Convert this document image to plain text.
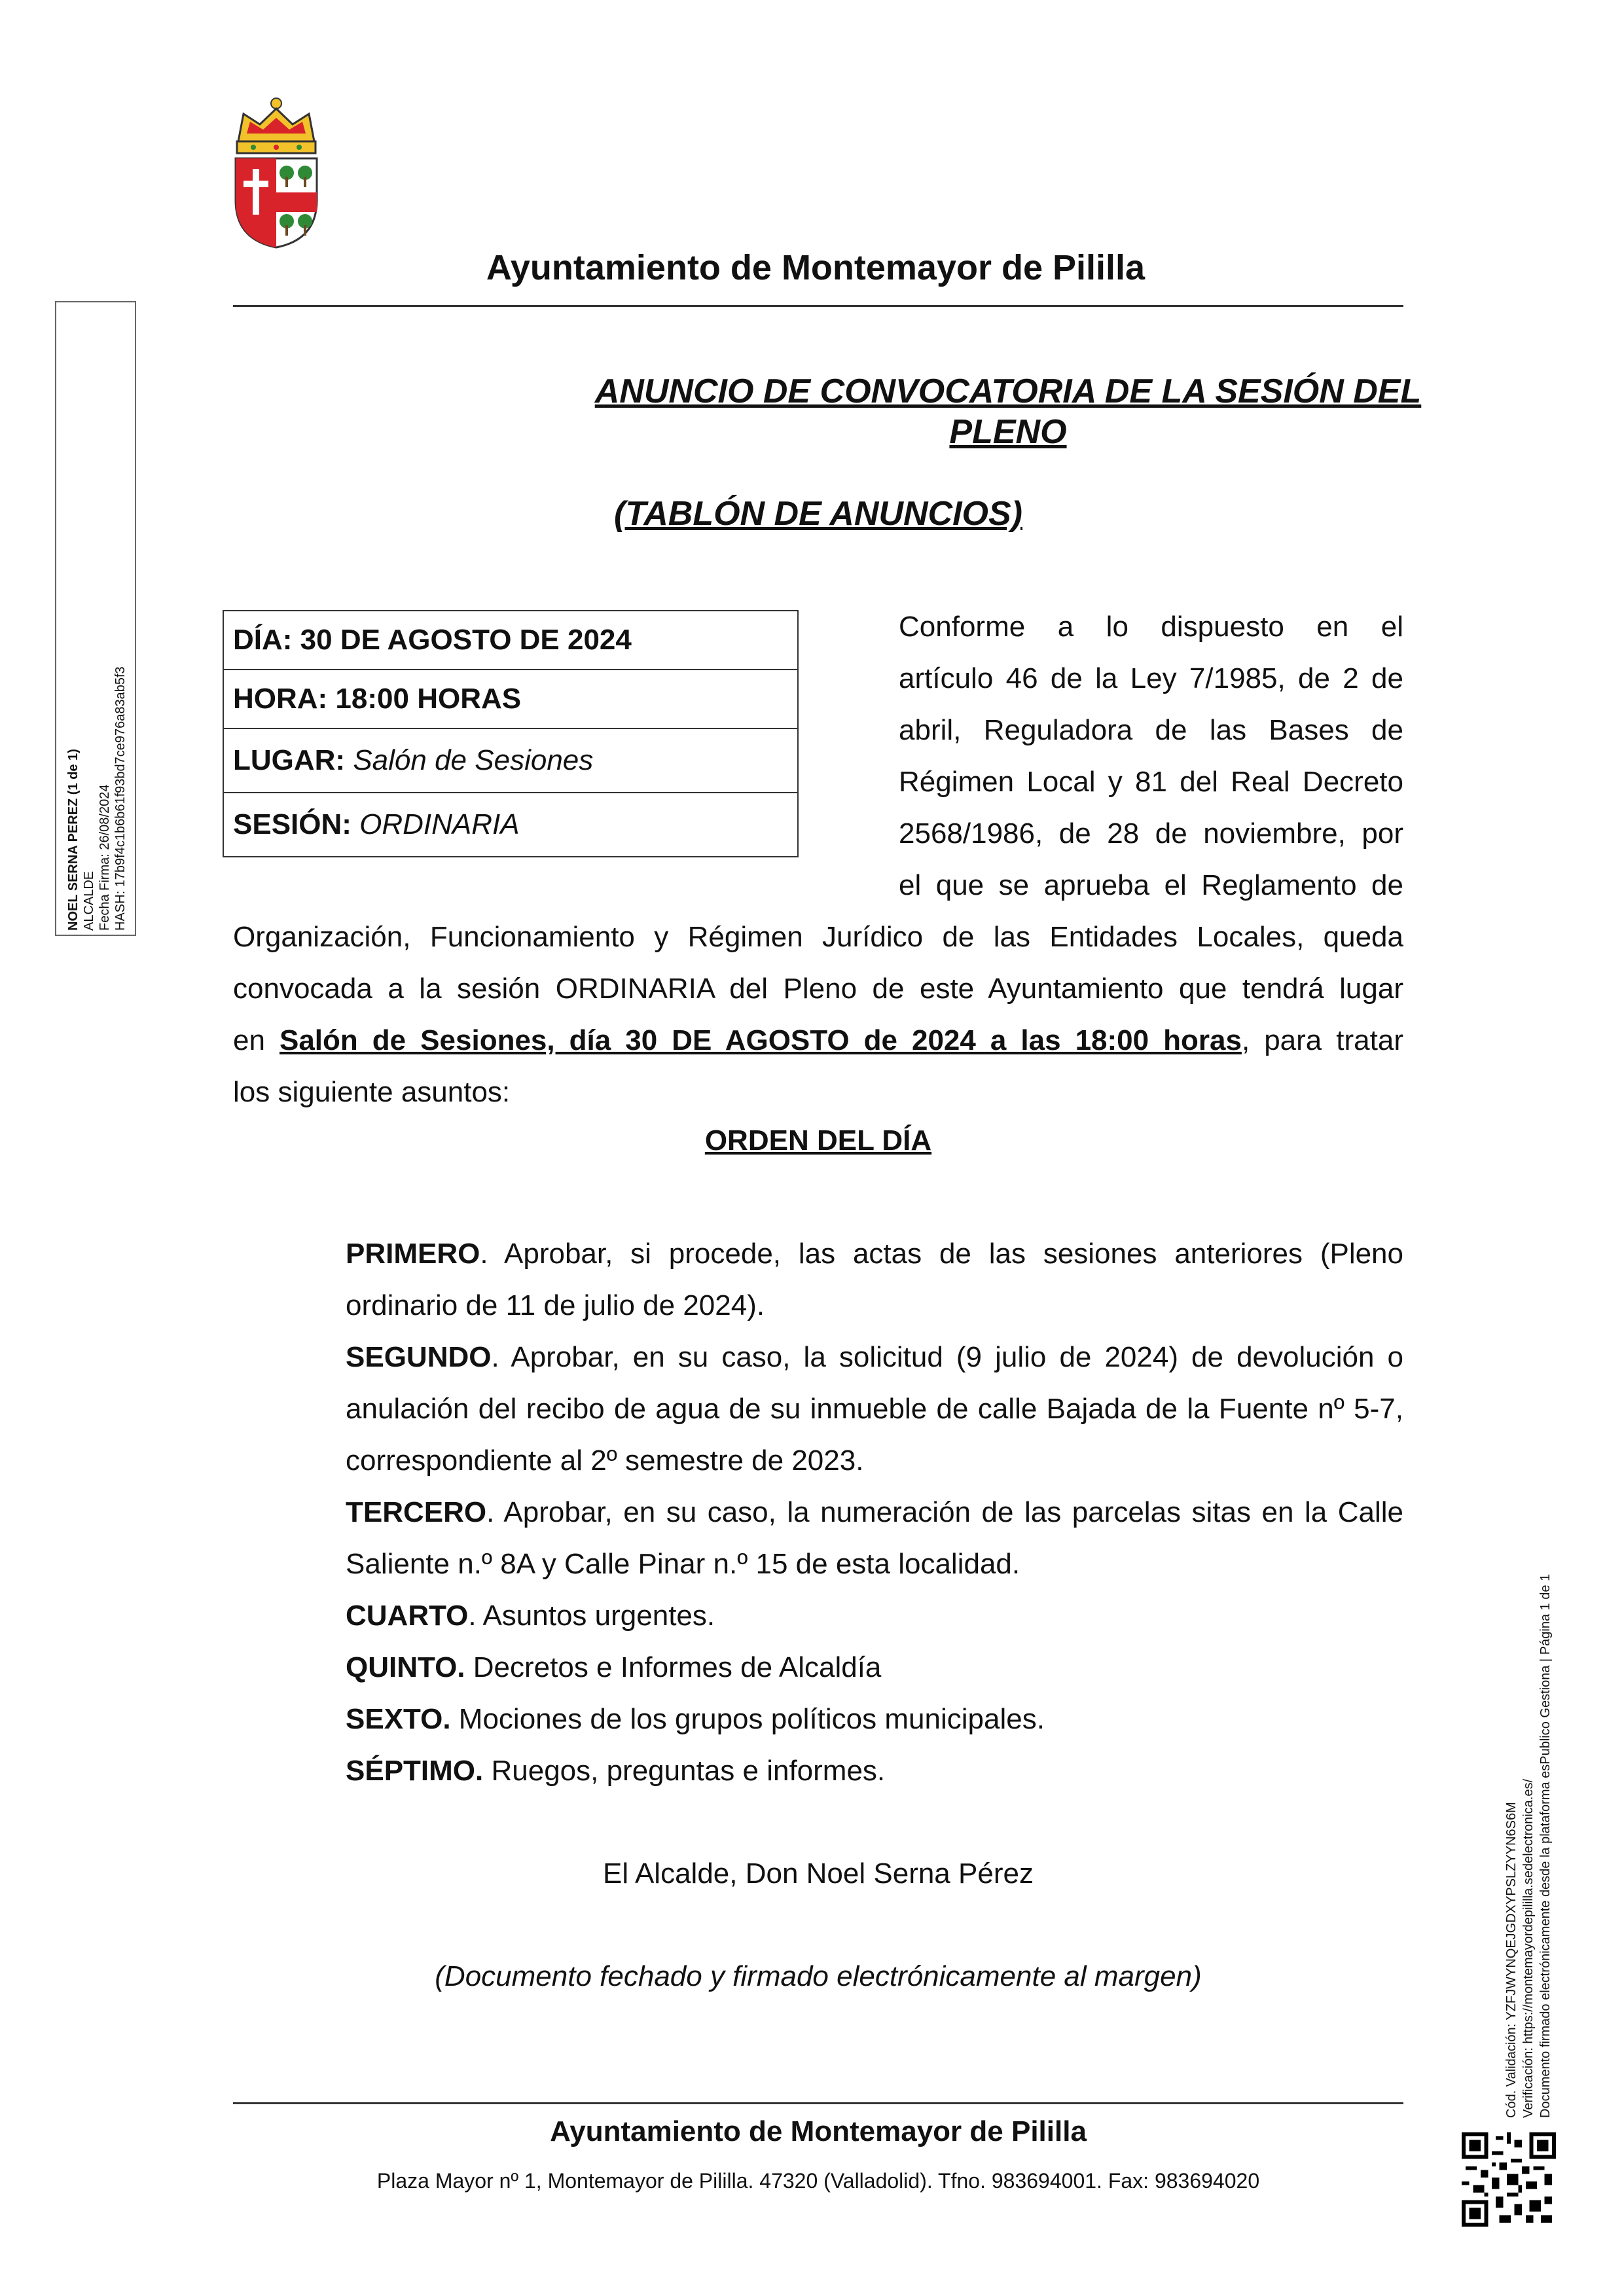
Ayuntamiento de Montemayor de Pililla
ANUNCIO DE CONVOCATORIA DE LA SESIÓN DEL
PLENO
(TABLÓN DE ANUNCIOS)
DÍA: 30 DE AGOSTO DE 2024
HORA: 18:00 HORAS
LUGAR: Salón de Sesiones
SESIÓN: ORDINARIA
Conforme a lo dispuesto en el
artículo 46 de la Ley 7/1985, de 2 de
abril, Reguladora de las Bases de
Régimen Local y 81 del Real Decreto
2568/1986, de 28 de noviembre, por
el que se aprueba el Reglamento de
Organización, Funcionamiento y Régimen Jurídico de las Entidades Locales, queda
convocada a la sesión ORDINARIA del Pleno de este Ayuntamiento que tendrá lugar
en Salón de Sesiones, día 30 DE AGOSTO de 2024 a las 18:00 horas, para tratar
los siguiente asuntos:
ORDEN DEL DÍA
PRIMERO. Aprobar, si procede, las actas de las sesiones anteriores (Pleno ordinario de 11 de julio de 2024).
SEGUNDO. Aprobar, en su caso, la solicitud (9 julio de 2024) de devolución o anulación del recibo de agua de su inmueble de calle Bajada de la Fuente nº 5-7, correspondiente al 2º semestre de 2023.
TERCERO. Aprobar, en su caso, la numeración de las parcelas sitas en la Calle Saliente n.º 8A y Calle Pinar n.º 15 de esta localidad.
CUARTO. Asuntos urgentes.
QUINTO. Decretos e Informes de Alcaldía
SEXTO. Mociones de los grupos políticos municipales.
SÉPTIMO. Ruegos, preguntas e informes.
El Alcalde, Don Noel Serna Pérez
(Documento fechado y firmado electrónicamente al margen)
Ayuntamiento de Montemayor de Pililla
Plaza Mayor nº 1, Montemayor de Pililla. 47320 (Valladolid). Tfno. 983694001. Fax: 983694020
NOEL SERNA PEREZ (1 de 1) ALCALDE Fecha Firma: 26/08/2024 HASH: 17b9f4c1b6b61f93bd7ce976a83ab5f3
Cód. Validación: YZFJWYNQEJGDXYPSLZYYN6S6M Verificación: https://montemayordepililla.sedelectronica.es/ Documento firmado electrónicamente desde la plataforma esPublico Gestiona | Página 1 de 1
